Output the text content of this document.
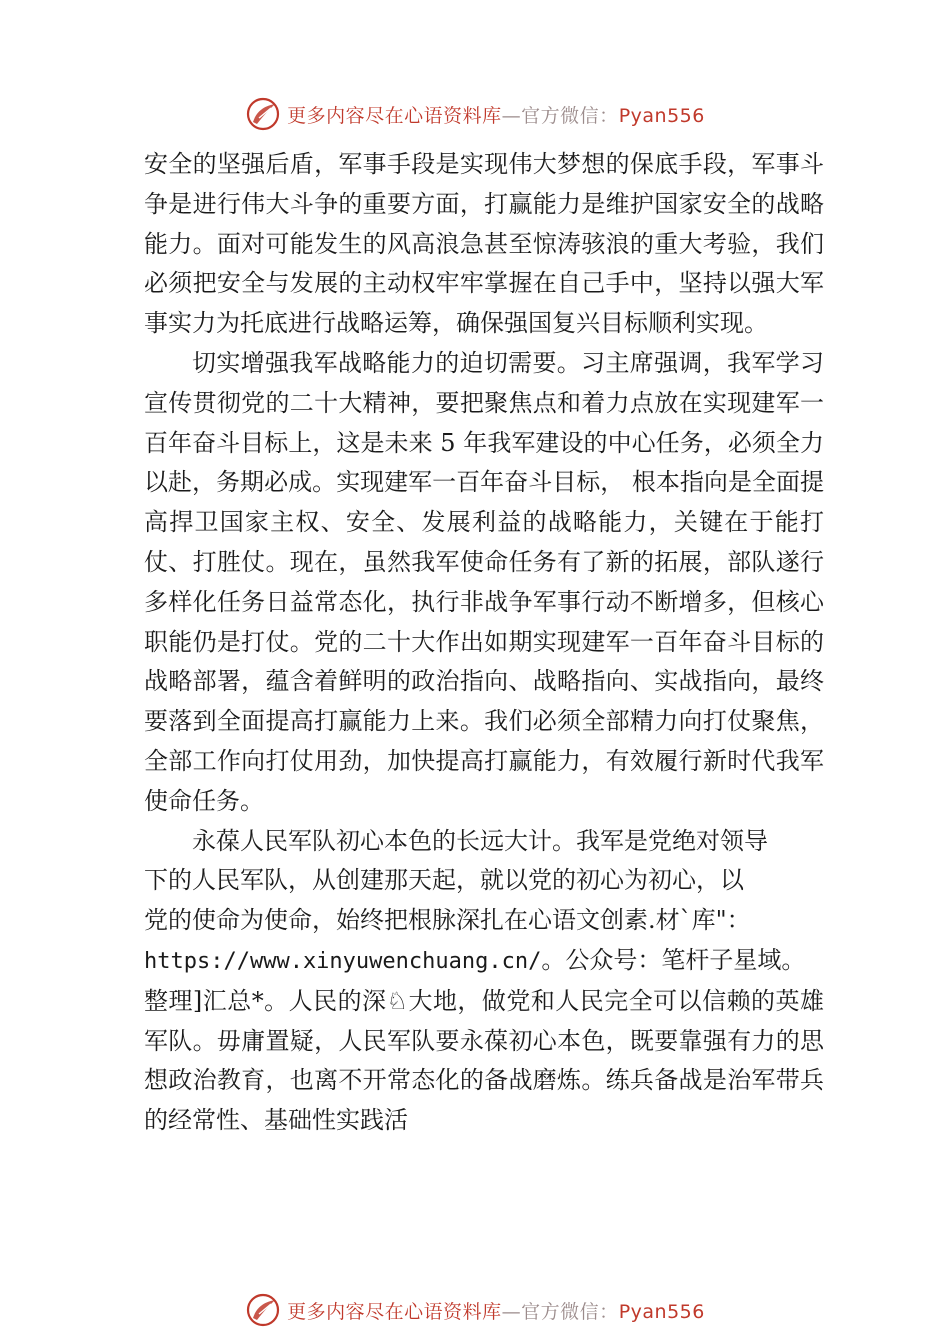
更多内容尽在心语资料库—官方微信：Pyan556

安全的坚强后盾，军事手段是实现伟大梦想的保底手段，军事斗争是进行伟大斗争的重要方面，打赢能力是维护国家安全的战略能力。面对可能发生的风高浪急甚至惊涛骇浪的重大考验，我们必须把安全与发展的主动权牢牢掌握在自己手中，坚持以强大军事实力为托底进行战略运筹，确保强国复兴目标顺利实现。

切实增强我军战略能力的迫切需要。习主席强调，我军学习宣传贯彻党的二十大精神，要把聚焦点和着力点放在实现建军一百年奋斗目标上，这是未来 5 年我军建设的中心任务，必须全力以赴，务期必成。实现建军一百年奋斗目标， 根本指向是全面提高捍卫国家主权、安全、发展利益的战略能力，关键在于能打仗、打胜仗。现在，虽然我军使命任务有了新的拓展，部队遂行多样化任务日益常态化，执行非战争军事行动不断增多，但核心职能仍是打仗。党的二十大作出如期实现建军一百年奋斗目标的战略部署，蕴含着鲜明的政治指向、战略指向、实战指向，最终要落到全面提高打赢能力上来。我们必须全部精力向打仗聚焦，全部工作向打仗用劲，加快提高打赢能力，有效履行新时代我军使命任务。

永葆人民军队初心本色的长远大计。我军是党绝对领导

下的人民军队，从创建那天起，就以党的初心为初心，以

党的使命为使命，始终把根脉深扎在心语文创素.材`库"：

https://www.xinyuwenchuang.cn/。公众号：笔杆子星域。

整理]汇总*。人民的深♘大地，做党和人民完全可以信赖的英雄军队。毋庸置疑，人民军队要永葆初心本色，既要靠强有力的思想政治教育，也离不开常态化的备战磨炼。练兵备战是治军带兵的经常性、基础性实践活

更多内容尽在心语资料库—官方微信：Pyan556
